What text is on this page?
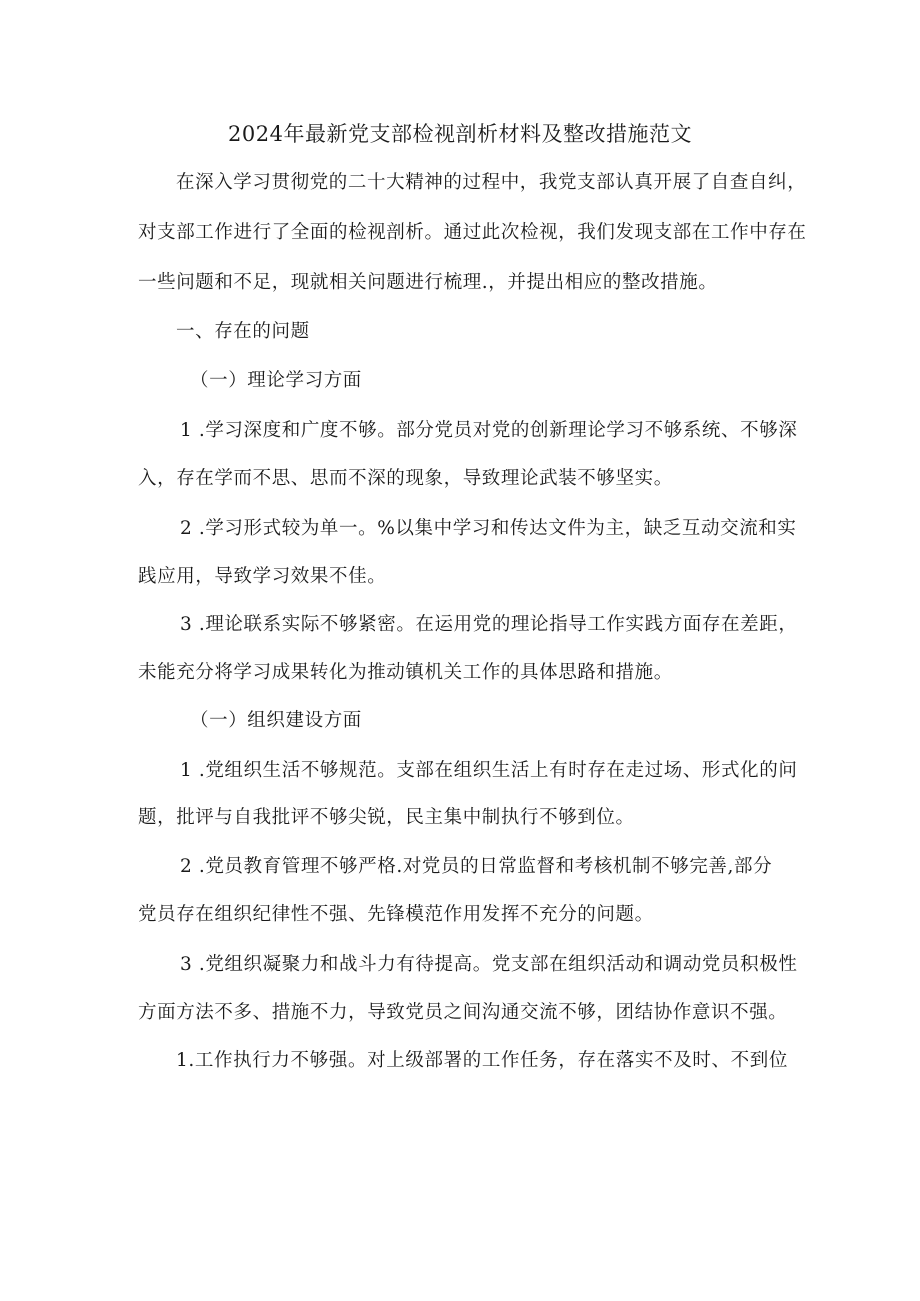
2024年最新党支部检视剖析材料及整改措施范文
在深入学习贯彻党的二十大精神的过程中，我党支部认真开展了自查自纠，
对支部工作进行了全面的检视剖析。通过此次检视，我们发现支部在工作中存在
一些问题和不足，现就相关问题进行梳理.，并提出相应的整改措施。
一、存在的问题
（一）理论学习方面
1 .学习深度和广度不够。部分党员对党的创新理论学习不够系统、不够深
入，存在学而不思、思而不深的现象，导致理论武装不够坚实。
2 .学习形式较为单一。%以集中学习和传达文件为主，缺乏互动交流和实
践应用，导致学习效果不佳。
3 .理论联系实际不够紧密。在运用党的理论指导工作实践方面存在差距，
未能充分将学习成果转化为推动镇机关工作的具体思路和措施。
（一）组织建设方面
1 .党组织生活不够规范。支部在组织生活上有时存在走过场、形式化的问
题，批评与自我批评不够尖锐，民主集中制执行不够到位。
2 .党员教育管理不够严格.对党员的日常监督和考核机制不够完善,部分
党员存在组织纪律性不强、先锋模范作用发挥不充分的问题。
3 .党组织凝聚力和战斗力有待提高。党支部在组织活动和调动党员积极性
方面方法不多、措施不力，导致党员之间沟通交流不够，团结协作意识不强。
1.工作执行力不够强。对上级部署的工作任务，存在落实不及时、不到位
